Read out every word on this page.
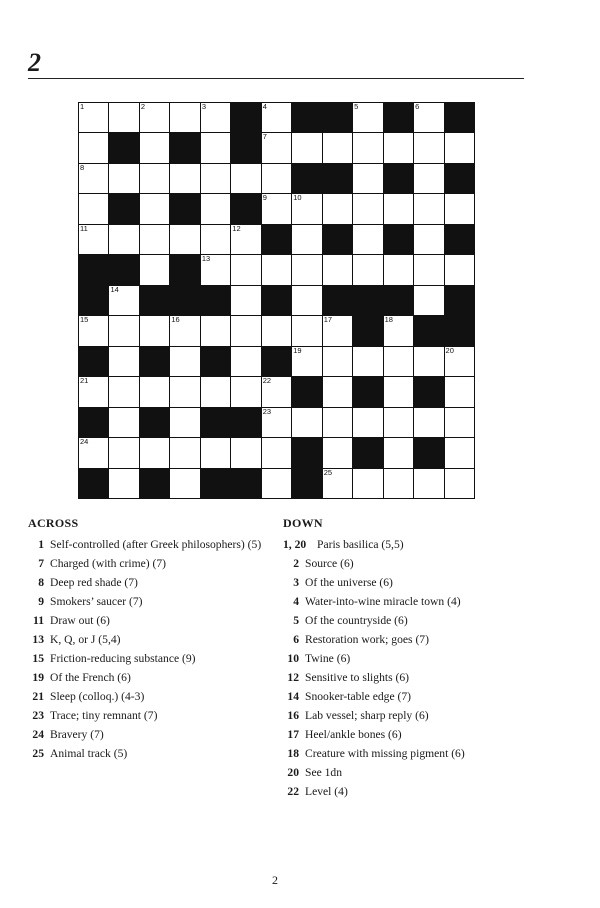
2
1	2	3	4	5	6
7
8
9	10
11	12
13
14
15	16	17	18
19	20
21	22
23
24
25
ACROSS
1 Self-controlled (after Greek philosophers) (5)
7 Charged (with crime) (7)
8 Deep red shade (7)
9 Smokers’ saucer (7)
11 Draw out (6)
13 K, Q, or J (5,4)
15 Friction-reducing substance (9)
19 Of the French (6)
21 Sleep (colloq.) (4-3)
23 Trace; tiny remnant (7)
24 Bravery (7)
25 Animal track (5)
DOWN
1, 20 Paris basilica (5,5)
2 Source (6)
3 Of the universe (6)
4 Water-into-wine miracle town (4)
5 Of the countryside (6)
6 Restoration work; goes (7)
10 Twine (6)
12 Sensitive to slights (6)
14 Snooker-table edge (7)
16 Lab vessel; sharp reply (6)
17 Heel/ankle bones (6)
18 Creature with missing pigment (6)
20 See 1dn
22 Level (4)
2
